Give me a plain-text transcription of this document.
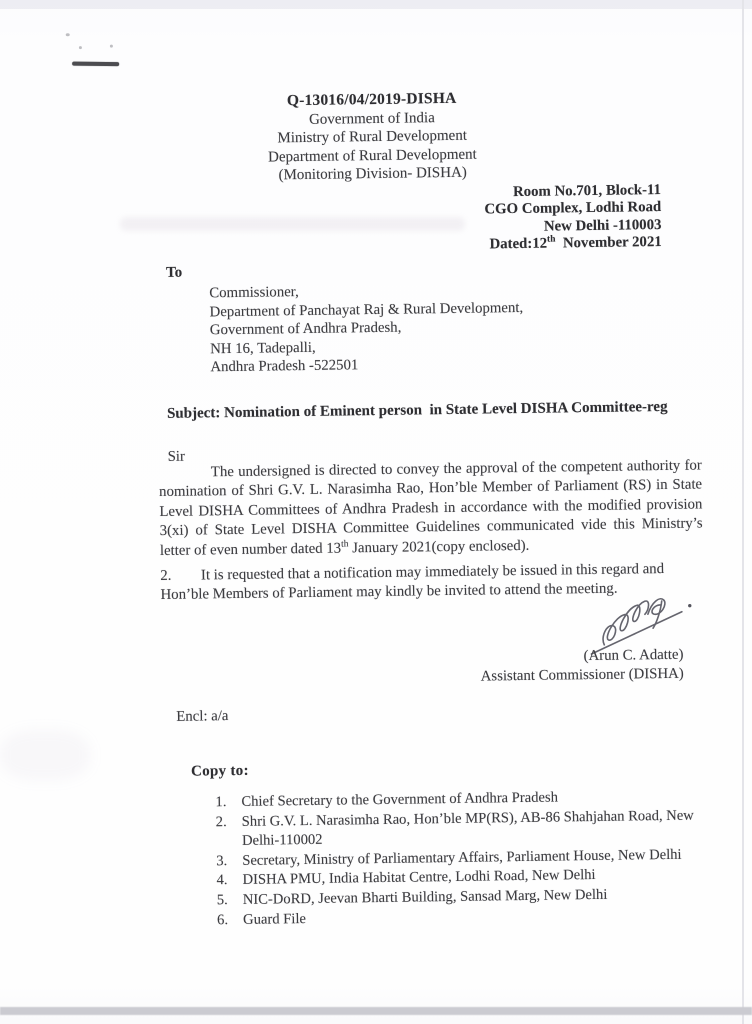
Q-13016/04/2019-DISHA
Government of India
Ministry of Rural Development
Department of Rural Development
(Monitoring Division- DISHA)
Room No.701, Block-11
CGO Complex, Lodhi Road
New Delhi -110003
Dated:12th  November 2021
To
Commissioner,
Department of Panchayat Raj & Rural Development,
Government of Andhra Pradesh,
NH 16, Tadepalli,
Andhra Pradesh -522501
Subject: Nomination of Eminent person  in State Level DISHA Committee-reg
Sir
The undersigned is directed to convey the approval of the competent authority for nomination of Shri G.V. L. Narasimha Rao, Hon’ble Member of Parliament (RS) in State Level DISHA Committees of Andhra Pradesh in accordance with the modified provision 3(xi) of State Level DISHA Committee Guidelines communicated vide this Ministry’s letter of even number dated 13th January 2021(copy enclosed).
2.        It is requested that a notification may immediately be issued in this regard and Hon’ble Members of Parliament may kindly be invited to attend the meeting.
(Arun C. Adatte)
Assistant Commissioner (DISHA)
Encl: a/a
Copy to:
1.	Chief Secretary to the Government of Andhra Pradesh
2.	Shri G.V. L. Narasimha Rao, Hon’ble MP(RS), AB-86 Shahjahan Road, New Delhi-110002
3.	Secretary, Ministry of Parliamentary Affairs, Parliament House, New Delhi
4.	DISHA PMU, India Habitat Centre, Lodhi Road, New Delhi
5.	NIC-DoRD, Jeevan Bharti Building, Sansad Marg, New Delhi
6.	Guard File
